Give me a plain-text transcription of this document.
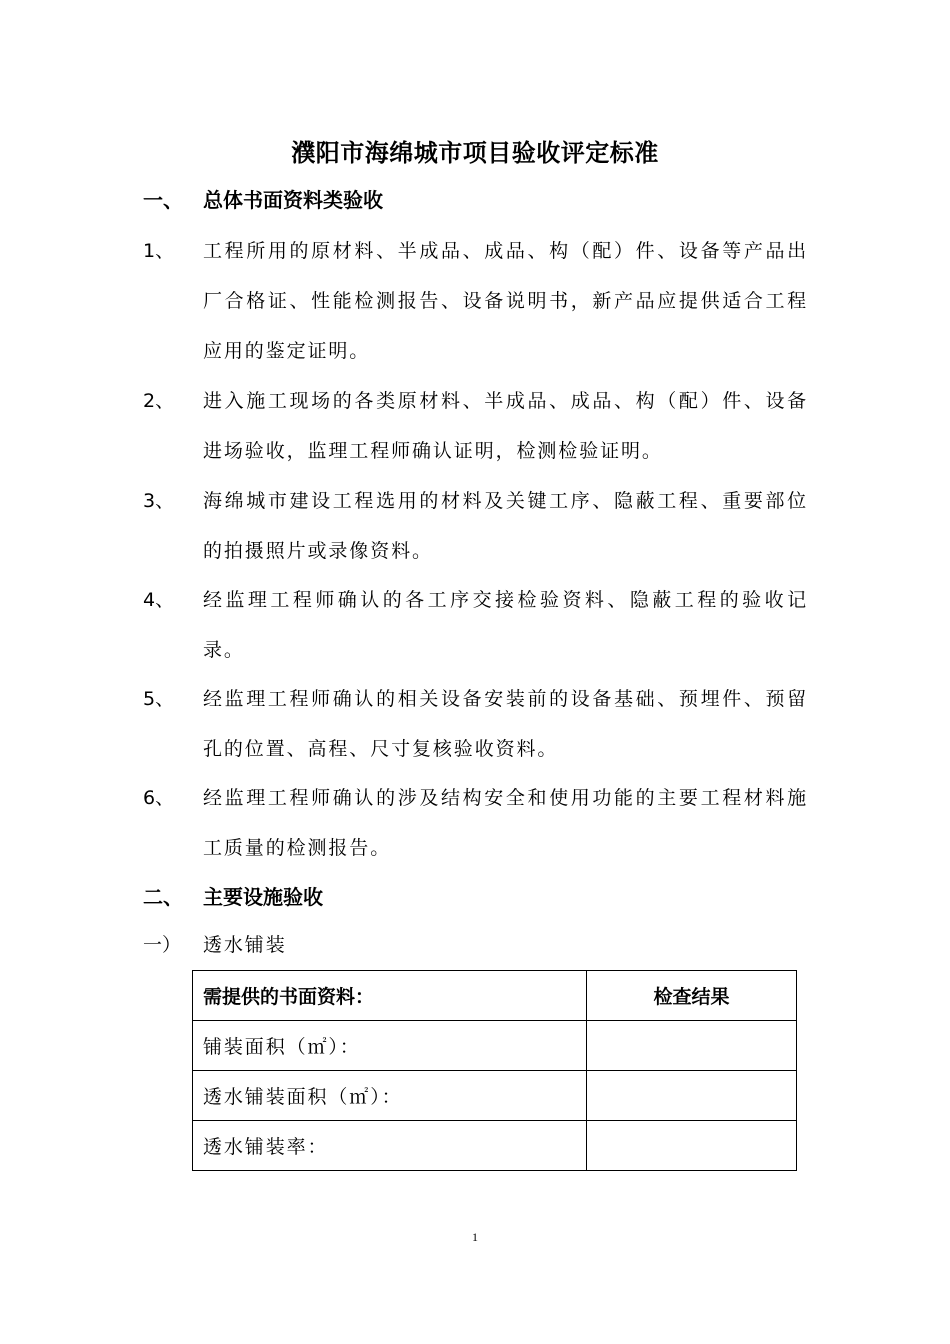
濮阳市海绵城市项目验收评定标准
一、 总体书面资料类验收
1、 工程所用的原材料、半成品、成品、构（配）件、设备等产品出厂合格证、性能检测报告、设备说明书，新产品应提供适合工程应用的鉴定证明。
2、 进入施工现场的各类原材料、半成品、成品、构（配）件、设备进场验收，监理工程师确认证明，检测检验证明。
3、 海绵城市建设工程选用的材料及关键工序、隐蔽工程、重要部位的拍摄照片或录像资料。
4、 经监理工程师确认的各工序交接检验资料、隐蔽工程的验收记录。
5、 经监理工程师确认的相关设备安装前的设备基础、预埋件、预留孔的位置、高程、尺寸复核验收资料。
6、 经监理工程师确认的涉及结构安全和使用功能的主要工程材料施工质量的检测报告。
二、 主要设施验收
一） 透水铺装
需提供的书面资料：	检查结果
铺装面积（㎡）：	
透水铺装面积（㎡）：	
透水铺装率：	
1
